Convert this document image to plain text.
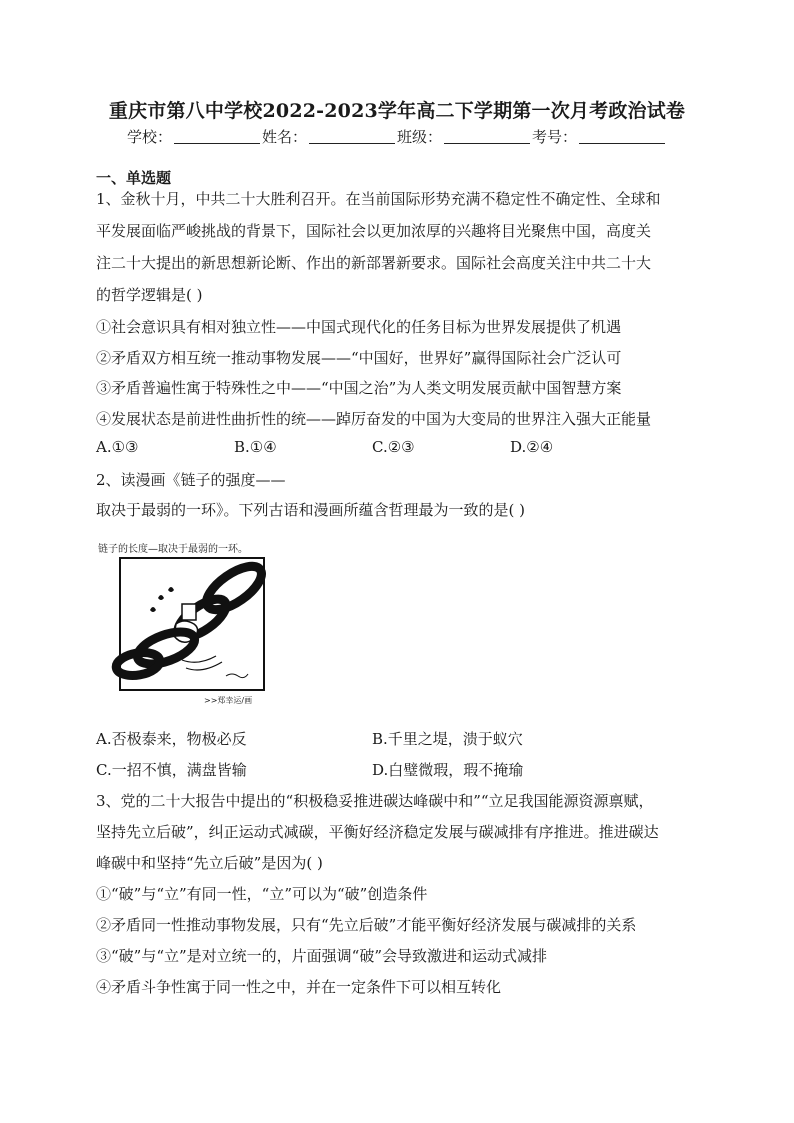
重庆市第八中学校2022-2023学年高二下学期第一次月考政治试卷
学校：	姓名：	班级：	考号：
一、单选题
1、金秋十月，中共二十大胜利召开。在当前国际形势充满不稳定性不确定性、全球和
平发展面临严峻挑战的背景下，国际社会以更加浓厚的兴趣将目光聚焦中国，高度关
注二十大提出的新思想新论断、作出的新部署新要求。国际社会高度关注中共二十大
的哲学逻辑是( )
①社会意识具有相对独立性——中国式现代化的任务目标为世界发展提供了机遇
②矛盾双方相互统一推动事物发展——“中国好，世界好”赢得国际社会广泛认可
③矛盾普遍性寓于特殊性之中——“中国之治”为人类文明发展贡献中国智慧方案
④发展状态是前进性曲折性的统——踔厉奋发的中国为大变局的世界注入强大正能量
A.①③	B.①④	C.②③	D.②④
2、读漫画《链子的强度——
取决于最弱的一环》。下列古语和漫画所蕴含哲理最为一致的是( )
链子的长度—取决于最弱的一环。
>>郑幸运/画
A.否极泰来，物极必反	B.千里之堤，溃于蚁穴
C.一招不慎，满盘皆输	D.白璧微瑕，瑕不掩瑜
3、党的二十大报告中提出的“积极稳妥推进碳达峰碳中和”“立足我国能源资源禀赋，
坚持先立后破”，纠正运动式减碳，平衡好经济稳定发展与碳减排有序推进。推进碳达
峰碳中和坚持“先立后破”是因为( )
①“破”与“立”有同一性，“立”可以为“破”创造条件
②矛盾同一性推动事物发展，只有“先立后破”才能平衡好经济发展与碳减排的关系
③“破”与“立”是对立统一的，片面强调“破”会导致激进和运动式减排
④矛盾斗争性寓于同一性之中，并在一定条件下可以相互转化
